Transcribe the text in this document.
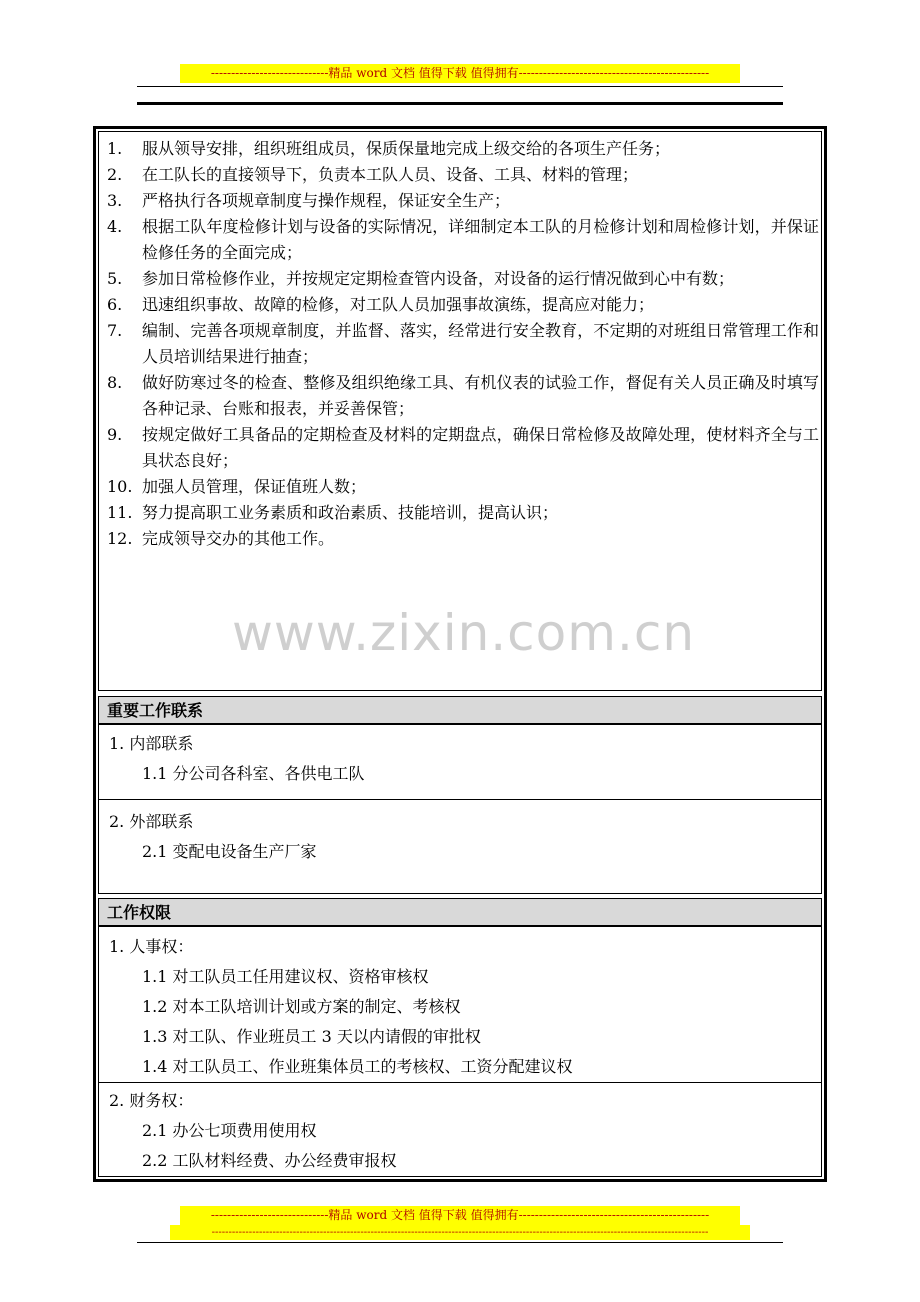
-----------------------------精品 word 文档 值得下载 值得拥有-----------------------------------------------
1.	服从领导安排，组织班组成员，保质保量地完成上级交给的各项生产任务；
2.	在工队长的直接领导下，负责本工队人员、设备、工具、材料的管理；
3.	严格执行各项规章制度与操作规程，保证安全生产；
4.	根据工队年度检修计划与设备的实际情况，详细制定本工队的月检修计划和周检修计划，并保证检修任务的全面完成；
5.	参加日常检修作业，并按规定定期检查管内设备，对设备的运行情况做到心中有数；
6.	迅速组织事故、故障的检修，对工队人员加强事故演练，提高应对能力；
7.	编制、完善各项规章制度，并监督、落实，经常进行安全教育，不定期的对班组日常管理工作和人员培训结果进行抽查；
8.	做好防寒过冬的检查、整修及组织绝缘工具、有机仪表的试验工作，督促有关人员正确及时填写各种记录、台账和报表，并妥善保管；
9.	按规定做好工具备品的定期检查及材料的定期盘点，确保日常检修及故障处理，使材料齐全与工具状态良好；
10. 加强人员管理，保证值班人数；
11. 努力提高职工业务素质和政治素质、技能培训，提高认识；
12. 完成领导交办的其他工作。
重要工作联系
1. 内部联系
1.1 分公司各科室、各供电工队
2. 外部联系
2.1 变配电设备生产厂家
工作权限
1. 人事权：
1.1 对工队员工任用建议权、资格审核权
1.2 对本工队培训计划或方案的制定、考核权
1.3 对工队、作业班员工 3 天以内请假的审批权
1.4 对工队员工、作业班集体员工的考核权、工资分配建议权
2. 财务权：
2.1 办公七项费用使用权
2.2 工队材料经费、办公经费审报权
www.zixin.com.cn
-----------------------------精品 word 文档 值得下载 值得拥有-----------------------------------------------
---------------------------------------------------------------------------------------------------------------------------------------------------
